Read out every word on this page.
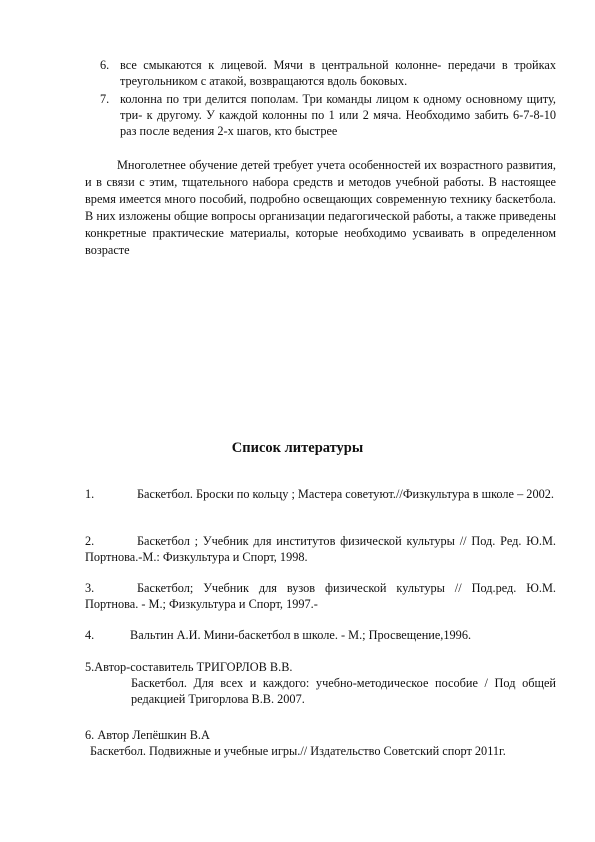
6. все смыкаются к лицевой. Мячи в центральной колонне- передачи в тройках треугольником с атакой, возвращаются вдоль боковых.
7. колонна по три делится пополам. Три команды лицом к одному основному щиту, три- к другому. У каждой колонны по 1 или 2 мяча. Необходимо забить 6-7-8-10 раз после ведения 2-х шагов, кто быстрее
Многолетнее обучение детей требует учета особенностей их возрастного развития, и в связи с этим, тщательного набора средств и методов учебной работы. В настоящее время имеется много пособий, подробно освещающих современную технику баскетбола. В них изложены общие вопросы организации педагогической работы, а также приведены конкретные практические материалы, которые необходимо усваивать в определенном возрасте
Список литературы
1.	Баскетбол. Броски по кольцу ; Мастера советуют.//Физкультура в школе – 2002.
2.	Баскетбол ; Учебник для институтов физической культуры // Под. Ред. Ю.М. Портнова.-М.: Физкультура и Спорт, 1998.
3.	Баскетбол; Учебник для вузов физической культуры // Под.ред. Ю.М. Портнова. - М.; Физкультура и Спорт, 1997.-
4.	Вальтин А.И. Мини-баскетбол в школе. - М.; Просвещение,1996.
5.Автор-составитель ТРИГОРЛОВ В.В.
Баскетбол. Для всех и каждого: учебно-методическое пособие / Под общей редакцией Тригорлова В.В. 2007.
6. Автор Лепёшкин В.А
Баскетбол. Подвижные и учебные игры.// Издательство Советский спорт 2011г.
